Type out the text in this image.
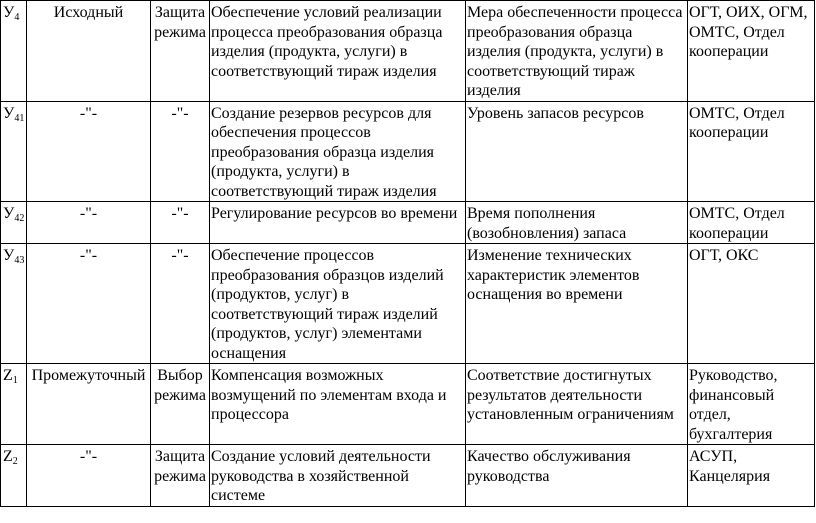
$У_4$	Исходный	Защита режима	Обеспечение условий реализации процесса преобразования образца изделия (продукта, услуги) в соответствующий тираж изделия	Мера обеспеченности процесса преобразования образца изделия (продукта, услуги) в соответствующий тираж изделия	ОГТ, ОИХ, ОГМ, ОМТС, Отдел кооперации
$У_{41}$	-"-	-"-	Создание резервов ресурсов для обеспечения процессов преобразования образца изделия (продукта, услуги) в соответствующий тираж изделия	Уровень запасов ресурсов	ОМТС, Отдел кооперации
$У_{42}$	-"-	-"-	Регулирование ресурсов во времени	Время пополнения (возобновления) запаса	ОМТС, Отдел кооперации
$У_{43}$	-"-	-"-	Обеспечение процессов преобразования образцов изделий (продуктов, услуг) в соответствующий тираж изделий (продуктов, услуг) элементами оснащения	Изменение технических характеристик элементов оснащения во времени	ОГТ, ОКС
$Z_1$	Промежуточный	Выбор режима	Компенсация возможных возмущений по элементам входа и процессора	Соответствие достигнутых результатов деятельности установленным ограничениям	Руководство, финансовый отдел, бухгалтерия
$Z_2$	-"-	Защита режима	Создание условий деятельности руководства в хозяйственной системе	Качество обслуживания руководства	АСУП, Канцелярия
